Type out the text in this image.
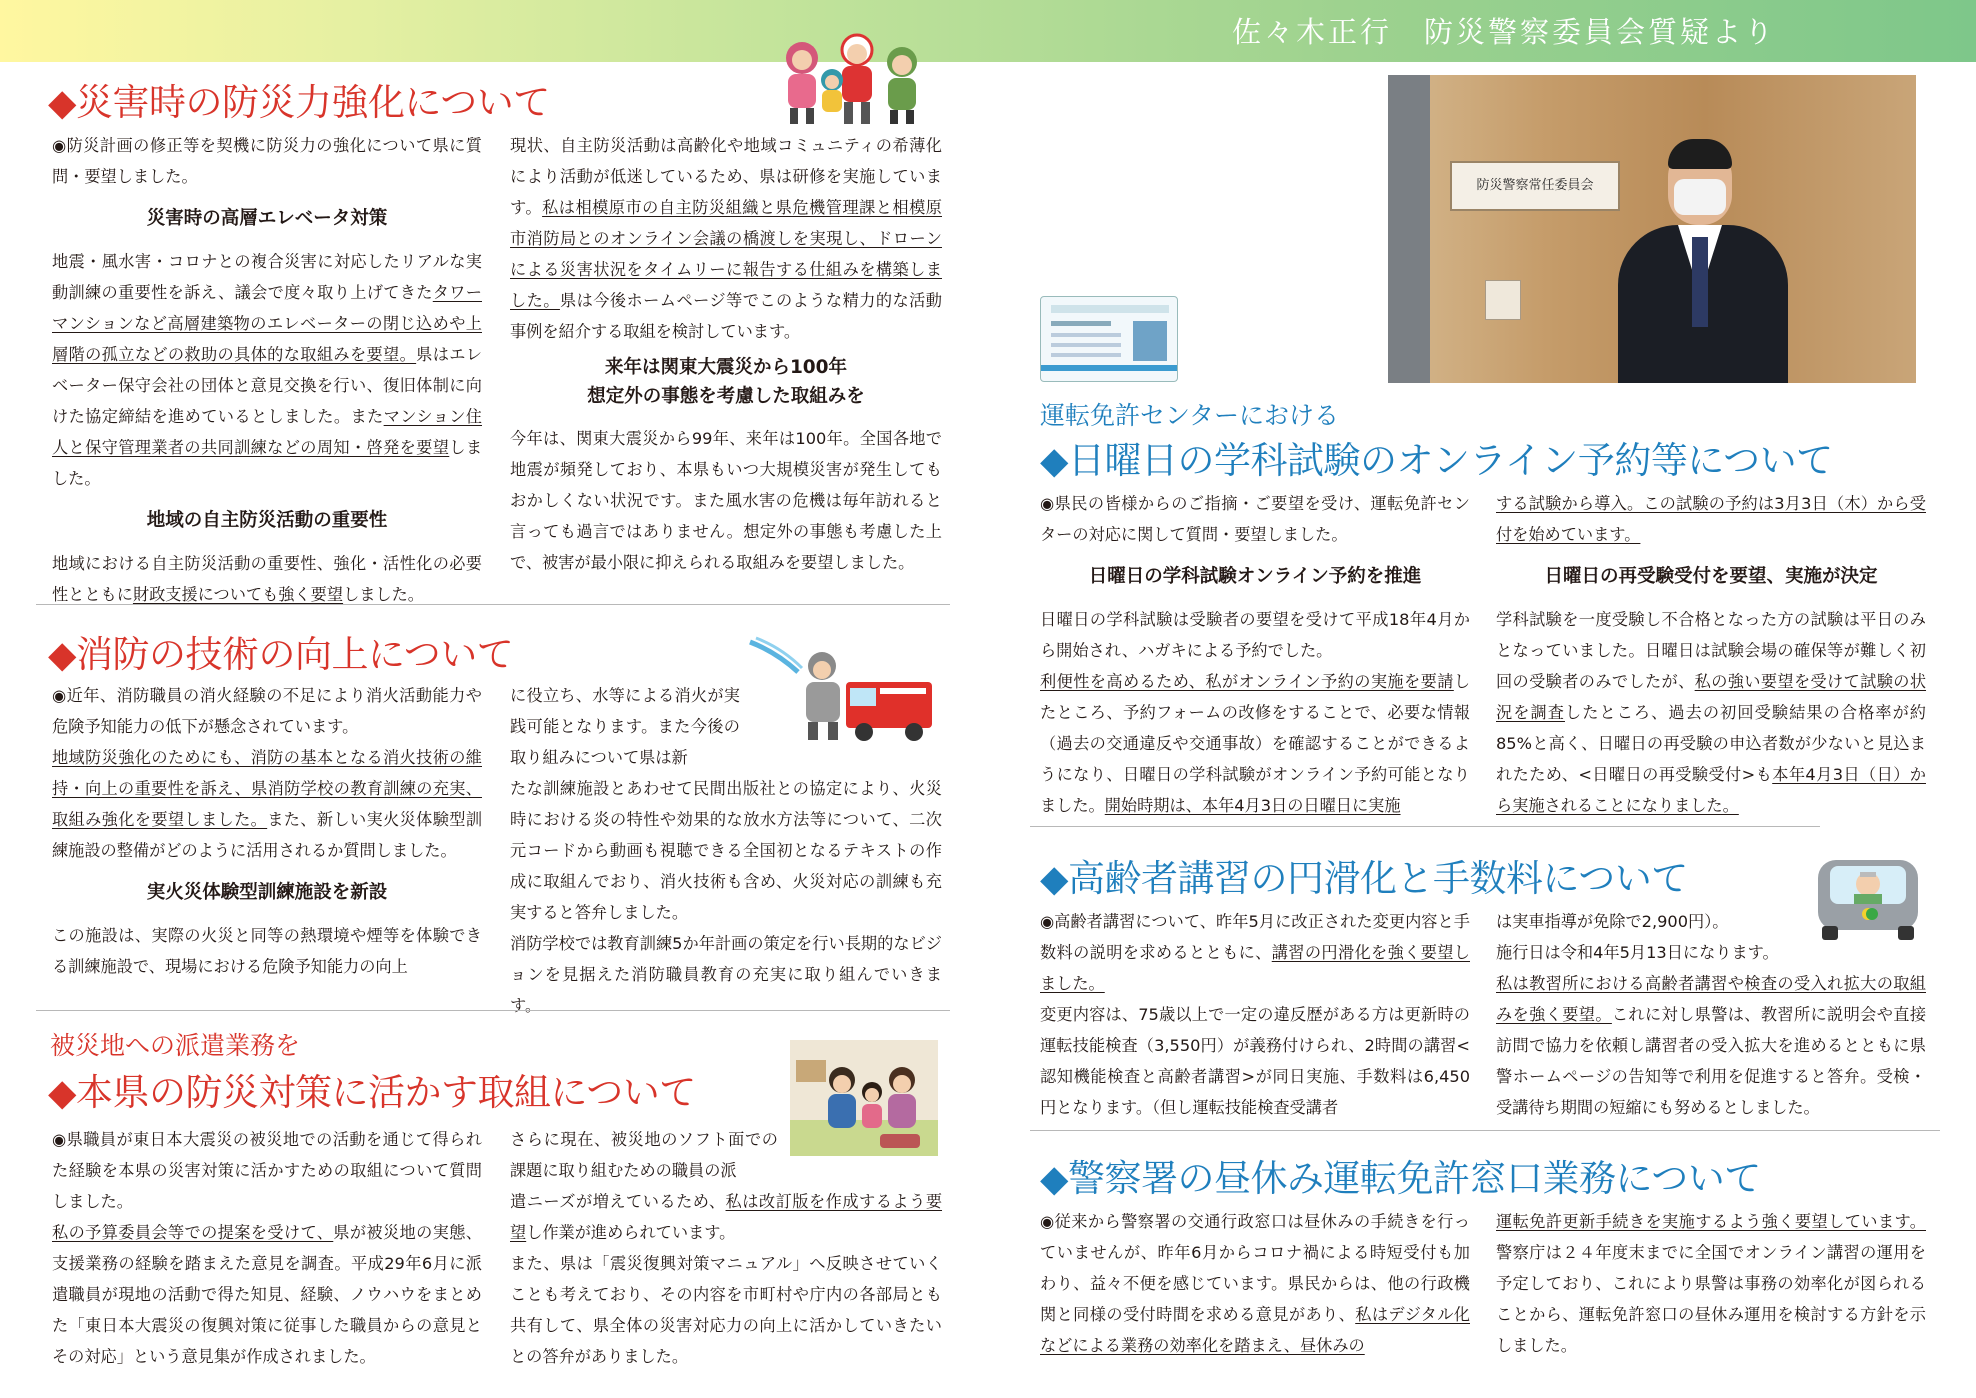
佐々木正行　防災警察委員会質疑より
◆災害時の防災力強化について

◉防災計画の修正等を契機に防災力の強化について県に質問・要望しました。

災害時の高層エレベータ対策

地震・風水害・コロナとの複合災害に対応したリアルな実動訓練の重要性を訴え、議会で度々取り上げてきたタワーマンションなど高層建築物のエレベーターの閉じ込めや上層階の孤立などの救助の具体的な取組みを要望。県はエレベーター保守会社の団体と意見交換を行い、復旧体制に向けた協定締結を進めているとしました。またマンション住人と保守管理業者の共同訓練などの周知・啓発を要望しました。

地域の自主防災活動の重要性

地域における自主防災活動の重要性、強化・活性化の必要性とともに財政支援についても強く要望しました。

現状、自主防災活動は高齢化や地域コミュニティの希薄化により活動が低迷しているため、県は研修を実施しています。私は相模原市の自主防災組織と県危機管理課と相模原市消防局とのオンライン会議の橋渡しを実現し、ドローンによる災害状況をタイムリーに報告する仕組みを構築しました。県は今後ホームページ等でこのような精力的な活動事例を紹介する取組を検討しています。

来年は関東大震災から100年
想定外の事態を考慮した取組みを

今年は、関東大震災から99年、来年は100年。全国各地で地震が頻発しており、本県もいつ大規模災害が発生してもおかしくない状況です。また風水害の危機は毎年訪れると言っても過言ではありません。想定外の事態も考慮した上で、被害が最小限に抑えられる取組みを要望しました。

◆消防の技術の向上について

◉近年、消防職員の消火経験の不足により消火活動能力や危険予知能力の低下が懸念されています。

地域防災強化のためにも、消防の基本となる消火技術の維持・向上の重要性を訴え、県消防学校の教育訓練の充実、取組み強化を要望しました。また、新しい実火災体験型訓練施設の整備がどのように活用されるか質問しました。

実火災体験型訓練施設を新設

この施設は、実際の火災と同等の熱環境や煙等を体験できる訓練施設で、現場における危険予知能力の向上

に役立ち、水等による消火が実践可能となります。また今後の取り組みについて県は新

たな訓練施設とあわせて民間出版社との協定により、火災時における炎の特性や効果的な放水方法等について、二次元コードから動画も視聴できる全国初となるテキストの作成に取組んでおり、消火技術も含め、火災対応の訓練も充実すると答弁しました。

消防学校では教育訓練5か年計画の策定を行い長期的なビジョンを見据えた消防職員教育の充実に取り組んでいきます。

被災地への派遣業務を
◆本県の防災対策に活かす取組について

◉県職員が東日本大震災の被災地での活動を通じて得られた経験を本県の災害対策に活かすための取組について質問しました。

私の予算委員会等での提案を受けて、県が被災地の実態、支援業務の経験を踏まえた意見を調査。平成29年6月に派遣職員が現地の活動で得た知見、経験、ノウハウをまとめた「東日本大震災の復興対策に従事した職員からの意見とその対応」という意見集が作成されました。

さらに現在、被災地のソフト面での課題に取り組むための職員の派

遣ニーズが増えているため、私は改訂版を作成するよう要望し作業が進められています。

また、県は「震災復興対策マニュアル」へ反映させていくことも考えており、その内容を市町村や庁内の各部局とも共有して、県全体の災害対応力の向上に活かしていきたいとの答弁がありました。

防災警察常任委員会
運転免許センターにおける
◆日曜日の学科試験のオンライン予約等について

◉県民の皆様からのご指摘・ご要望を受け、運転免許センターの対応に関して質問・要望しました。

日曜日の学科試験オンライン予約を推進

日曜日の学科試験は受験者の要望を受けて平成18年4月から開始され、ハガキによる予約でした。

利便性を高めるため、私がオンライン予約の実施を要請したところ、予約フォームの改修をすることで、必要な情報（過去の交通違反や交通事故）を確認することができるようになり、日曜日の学科試験がオンライン予約可能となりました。開始時期は、本年4月3日の日曜日に実施

する試験から導入。この試験の予約は3月3日（木）から受付を始めています。

日曜日の再受験受付を要望、実施が決定

学科試験を一度受験し不合格となった方の試験は平日のみとなっていました。日曜日は試験会場の確保等が難しく初回の受験者のみでしたが、私の強い要望を受けて試験の状況を調査したところ、過去の初回受験結果の合格率が約85%と高く、日曜日の再受験の申込者数が少ないと見込まれたため、<日曜日の再受験受付>も本年4月3日（日）から実施されることになりました。

◆高齢者講習の円滑化と手数料について

◉高齢者講習について、昨年5月に改正された変更内容と手数料の説明を求めるとともに、講習の円滑化を強く要望しました。

変更内容は、75歳以上で一定の違反歴がある方は更新時の運転技能検査（3,550円）が義務付けられ、2時間の講習<認知機能検査と高齢者講習>が同日実施、手数料は6,450円となります。（但し運転技能検査受講者

は実車指導が免除で2,900円）。

施行日は令和4年5月13日になります。

私は教習所における高齢者講習や検査の受入れ拡大の取組みを強く要望。これに対し県警は、教習所に説明会や直接訪問で協力を依頼し講習者の受入拡大を進めるとともに県警ホームページの告知等で利用を促進すると答弁。受検・受講待ち期間の短縮にも努めるとしました。

◆警察署の昼休み運転免許窓口業務について

◉従来から警察署の交通行政窓口は昼休みの手続きを行っていませんが、昨年6月からコロナ禍による時短受付も加わり、益々不便を感じています。県民からは、他の行政機関と同様の受付時間を求める意見があり、私はデジタル化などによる業務の効率化を踏まえ、昼休みの

運転免許更新手続きを実施するよう強く要望しています。警察庁は２４年度末までに全国でオンライン講習の運用を予定しており、これにより県警は事務の効率化が図られることから、運転免許窓口の昼休み運用を検討する方針を示しました。
